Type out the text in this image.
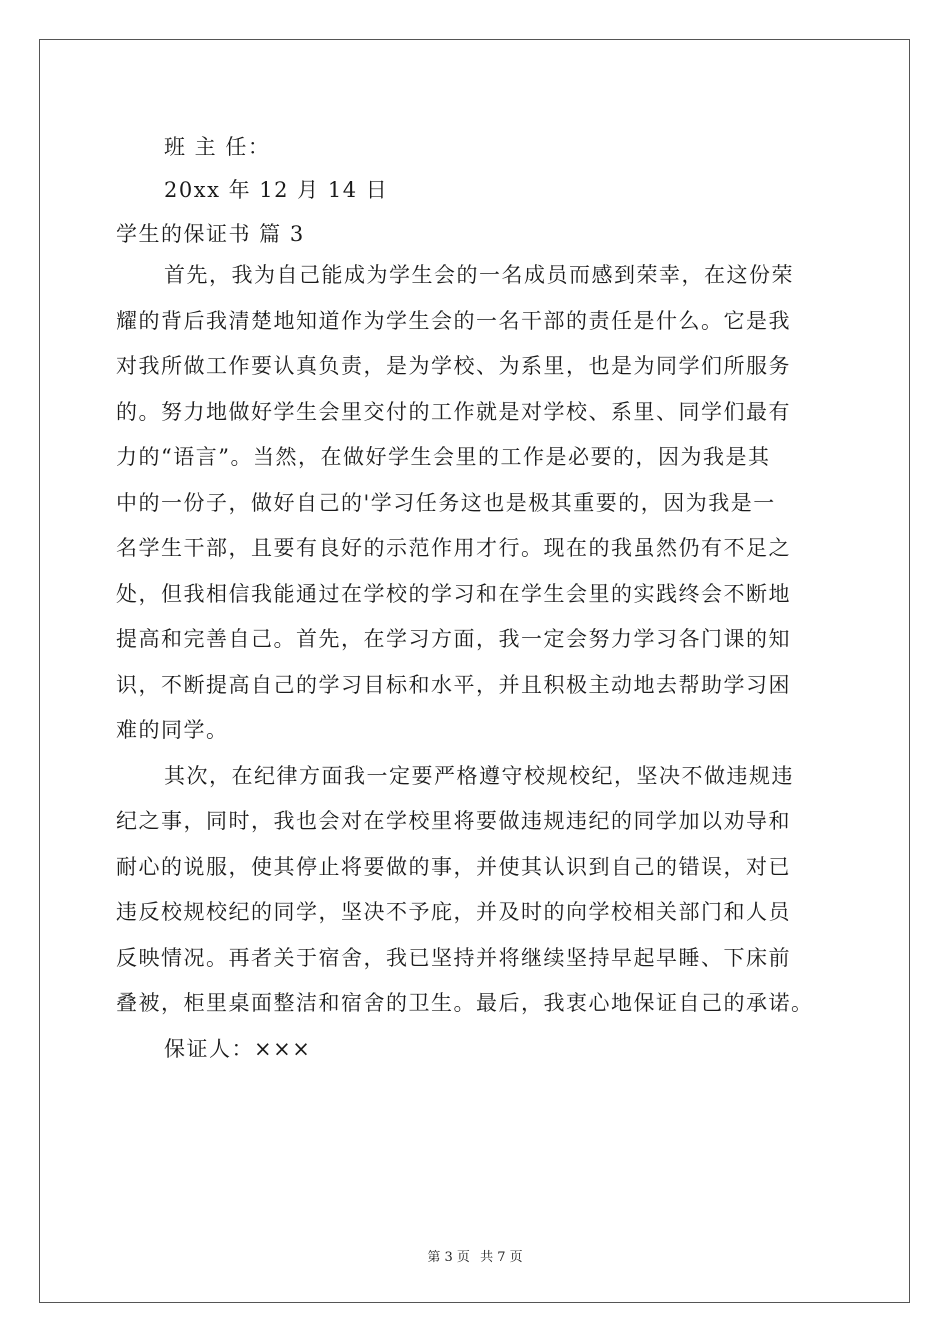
班 主 任：
20xx 年 12 月 14 日
学生的保证书 篇 3
首先，我为自己能成为学生会的一名成员而感到荣幸，在这份荣
耀的背后我清楚地知道作为学生会的一名干部的责任是什么。它是我
对我所做工作要认真负责，是为学校、为系里，也是为同学们所服务
的。努力地做好学生会里交付的工作就是对学校、系里、同学们最有
力的“语言”。当然，在做好学生会里的工作是必要的，因为我是其
中的一份子，做好自己的'学习任务这也是极其重要的，因为我是一
名学生干部，且要有良好的示范作用才行。现在的我虽然仍有不足之
处，但我相信我能通过在学校的学习和在学生会里的实践终会不断地
提高和完善自己。首先，在学习方面，我一定会努力学习各门课的知
识，不断提高自己的学习目标和水平，并且积极主动地去帮助学习困
难的同学。
其次，在纪律方面我一定要严格遵守校规校纪，坚决不做违规违
纪之事，同时，我也会对在学校里将要做违规违纪的同学加以劝导和
耐心的说服，使其停止将要做的事，并使其认识到自己的错误，对已
违反校规校纪的同学，坚决不予庇，并及时的向学校相关部门和人员
反映情况。再者关于宿舍，我已坚持并将继续坚持早起早睡、下床前
叠被，柜里桌面整洁和宿舍的卫生。最后，我衷心地保证自己的承诺。
保证人：×××
第 3 页 共 7 页
